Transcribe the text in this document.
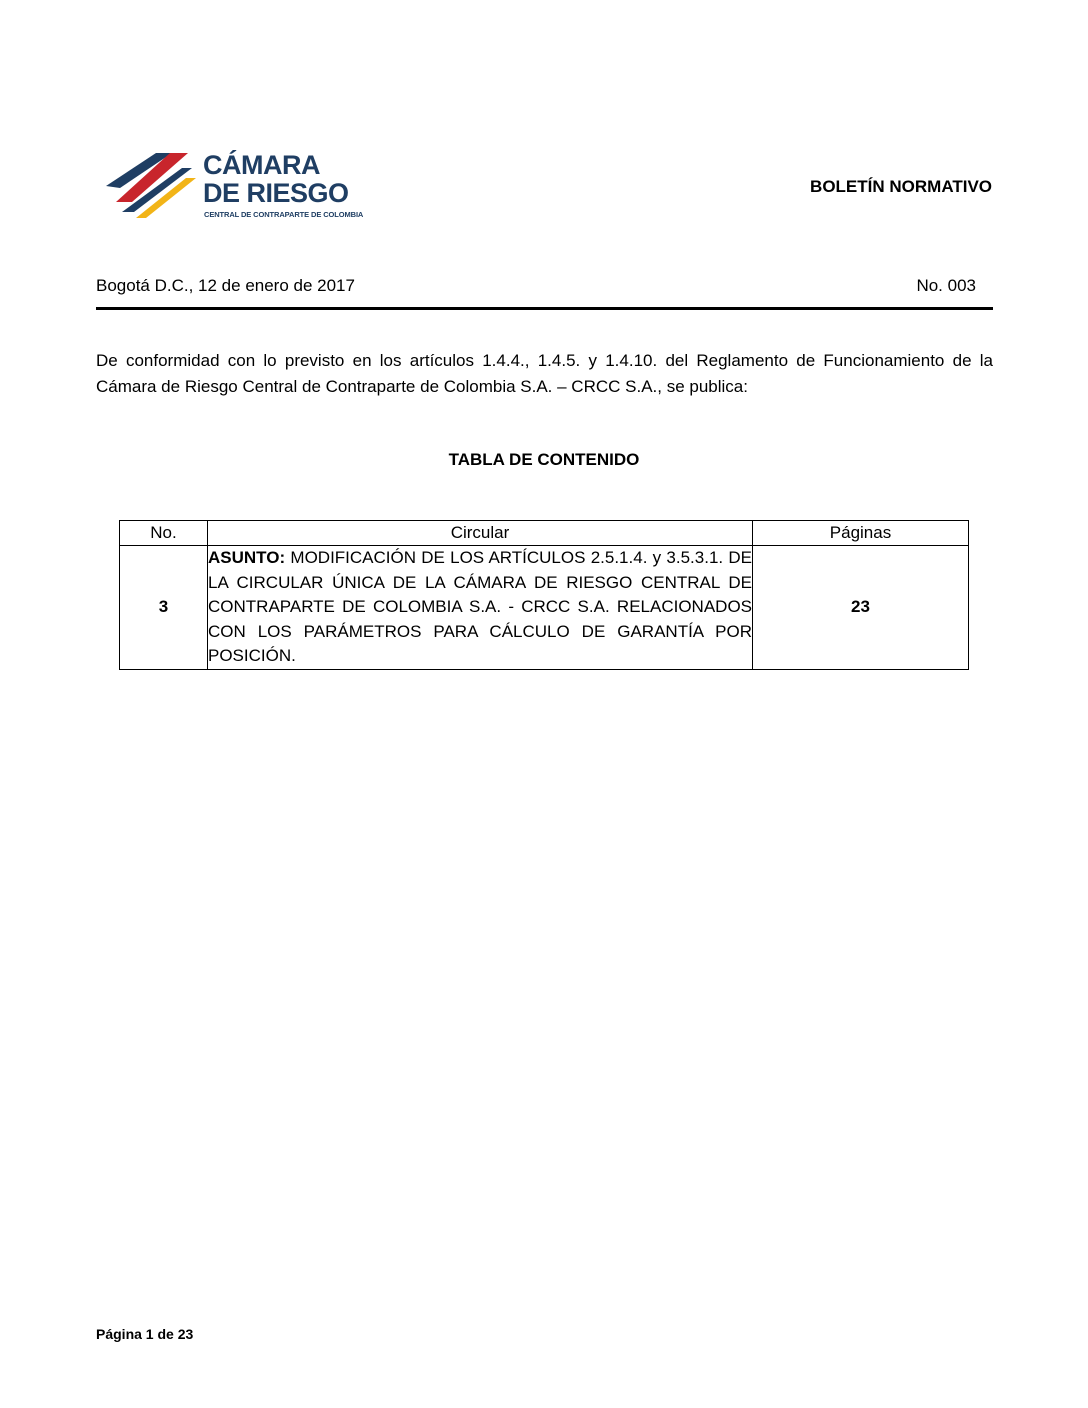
CÁMARA
DE RIESGO
CENTRAL DE CONTRAPARTE DE COLOMBIA
BOLETÍN NORMATIVO
Bogotá D.C., 12 de enero de 2017	No. 003
De conformidad con lo previsto en los artículos 1.4.4., 1.4.5. y 1.4.10. del Reglamento de Funcionamiento de la Cámara de Riesgo Central de Contraparte de Colombia S.A. – CRCC S.A., se publica:
TABLA DE CONTENIDO
No.	Circular	Páginas
3	ASUNTO: MODIFICACIÓN DE LOS ARTÍCULOS 2.5.1.4. y 3.5.3.1. DE LA CIRCULAR ÚNICA DE LA CÁMARA DE RIESGO CENTRAL DE CONTRAPARTE DE COLOMBIA S.A. - CRCC S.A. RELACIONADOS CON LOS PARÁMETROS PARA CÁLCULO DE GARANTÍA POR POSICIÓN.	23
Página 1 de 23
